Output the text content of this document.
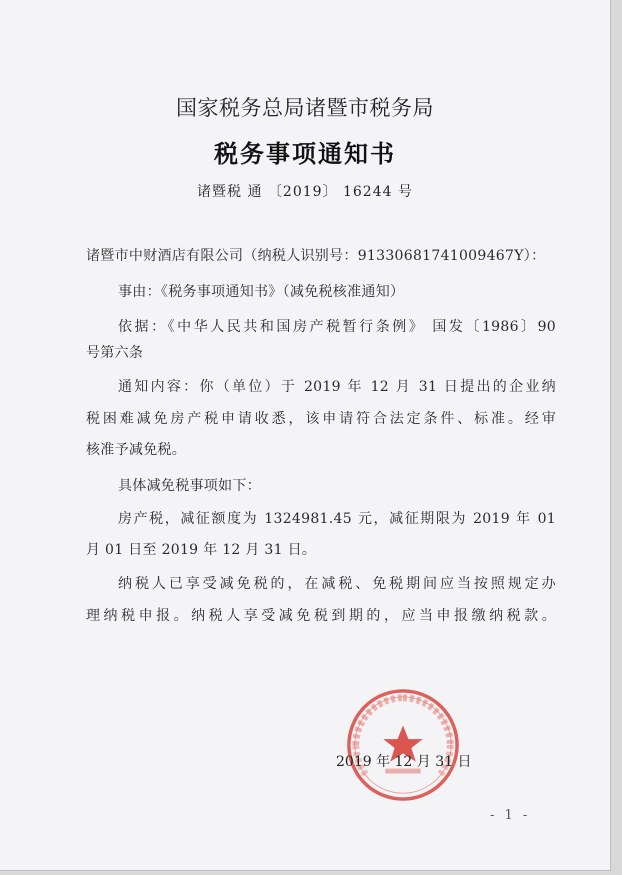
国家税务总局诸暨市税务局
税务事项通知书
诸暨税 通 〔2019〕 16244 号
诸暨市中财酒店有限公司（纳税人识别号：91330681741009467Y）：
事由：《税务事项通知书》（减免税核准通知）
依据：《中华人民共和国房产税暂行条例》 国发〔1986〕90
号第六条
通知内容：你（单位）于 2019 年 12 月 31 日提出的企业纳
税困难减免房产税申请收悉，该申请符合法定条件、标准。经审
核准予减免税。
具体减免税事项如下：
房产税，减征额度为 1324981.45 元，减征期限为 2019 年 01
月 01 日至 2019 年 12 月 31 日。
纳税人已享受减免税的，在减税、免税期间应当按照规定办
理纳税申报。纳税人享受减免税到期的，应当申报缴纳税款。
2019 年 12 月 31 日
- 1 -
